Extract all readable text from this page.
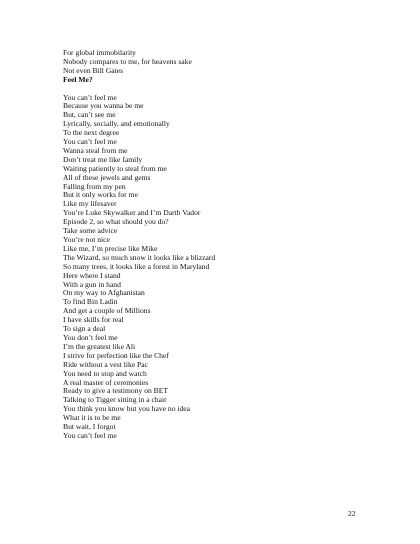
For global immobilarity
Nobody compares to me, for heavens sake
Not even Bill Gates
Feel Me?
You can’t feel me
Because you wanna be me
But, can’t see me
Lyrically, socially, and emotionally
To the next degree
You can’t feel me
Wanna steal from me
Don’t treat me like family
Waiting patiently to steal from me
All of these jewels and gems
Falling from my pen
But it only works for me
Like my lifesaver
You’re Luke Skywalker and I’m Darth Vador
Episode 2, so what should you do?
Take some advice
You’re not nice
Like me, I’m precise like Mike
The Wizard, so much snow it looks like a blizzard
So many trees, it looks like a forest in Maryland
Here where I stand
With a gun in hand
On my way to Afghanistan
To find Bin Ladin
And get a couple of Millions
I have skills for real
To sign a deal
You don’t feel me
I’m the greatest like Ali
I strive for perfection like the Chef
Ride without a vest like Pac
You need to stop and watch
A real master of ceremonies
Ready to give a testimony on BET
Talking to Tigger sitting in a chair
You think you know but you have no idea
What it is to be me
But wait, I forgot
You can’t feel me
22
